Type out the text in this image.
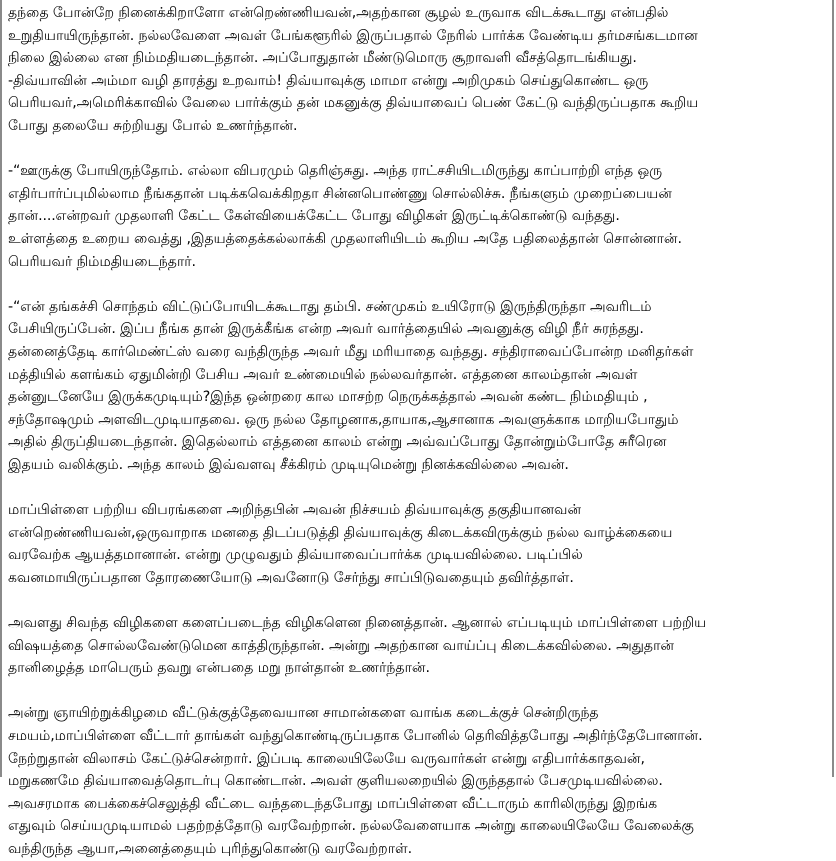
தந்தை போன்றே நினைக்கிறாளோ என்றெண்ணியவன்,அதற்கான சூழல் உருவாக விடக்கூடாது என்பதில்
உறுதியாயிருந்தான். நல்லவேளை அவள் பேங்களூரில் இருப்பதால் நேரில் பார்க்க வேண்டிய தர்மசங்கடமான
நிலை இல்லை என நிம்மதியடைந்தான். அப்போதுதான் மீண்டுமொரு சூறாவளி வீசத்தொடங்கியது.
-திவ்யாவின் அம்மா வழி தாரத்து உறவாம்! திவ்யாவுக்கு மாமா என்று அறிமுகம் செய்துகொண்ட ஒரு
பெரியவர்,அமெரிக்காவில் வேலை பார்க்கும் தன் மகனுக்கு திவ்யாவைப் பெண் கேட்டு வந்திருப்பதாக கூறிய
போது தலையே சுற்றியது போல் உணர்ந்தான்.

-“ஊருக்கு போயிருந்தோம். எல்லா விபரமும் தெரிஞ்சுது. அந்த ராட்சசியிடமிருந்து காப்பாற்றி எந்த ஒரு
எதிர்பார்ப்புமில்லாம நீங்கதான் படிக்கவெக்கிறதா சின்னபொண்ணு சொல்லிச்சு. நீங்களும் முறைப்பையன்
தான்....என்றவர் முதலாளி கேட்ட கேள்வியைக்கேட்ட போது விழிகள் இருட்டிக்கொண்டு வந்தது.
உள்ளத்தை உறைய வைத்து ,இதயத்தைக்கல்லாக்கி முதலாளியிடம் கூறிய அதே பதிலைத்தான் சொன்னான்.
பெரியவர் நிம்மதியடைந்தார்.

-“என் தங்கச்சி சொந்தம் விட்டுப்போயிடக்கூடாது தம்பி. சண்முகம் உயிரோடு இருந்திருந்தா அவரிடம்
பேசியிருப்பேன். இப்ப நீங்க தான் இருக்கீங்க என்ற அவர் வார்த்தையில் அவனுக்கு விழி நீர் சுரந்தது.
தன்னைத்தேடி கார்மெண்ட்ஸ் வரை வந்திருந்த அவர் மீது மரியாதை வந்தது. சந்திராவைப்போன்ற மனிதர்கள்
மத்தியில் களங்கம் ஏதுமின்றி பேசிய அவர் உண்மையில் நல்லவர்தான். எத்தனை காலம்தான் அவள்
தன்னுடனேயே இருக்கமுடியும்?இந்த ஒன்றரை கால மாசற்ற நெருக்கத்தால் அவன் கண்ட நிம்மதியும் ,
சந்தோஷமும் அளவிடமுடியாதவை. ஒரு நல்ல தோழனாக,தாயாக,ஆசானாக அவளுக்காக மாறியபோதும்
அதில் திருப்தியடைந்தான். இதெல்லாம் எத்தனை காலம் என்று அவ்வப்போது தோன்றும்போதே சுரீரென
இதயம் வலிக்கும். அந்த காலம் இவ்வளவு சீக்கிரம் முடியுமென்று நினக்கவில்லை அவன்.

மாப்பிள்ளை பற்றிய விபரங்களை அறிந்தபின் அவன் நிச்சயம் திவ்யாவுக்கு தகுதியானவன்
என்றெண்ணியவன்,ஒருவாறாக மனதை திடப்படுத்தி திவ்யாவுக்கு கிடைக்கவிருக்கும் நல்ல வாழ்க்கையை
வரவேற்க ஆயத்தமானான். என்று முழுவதும் திவ்யாவைப்பார்க்க முடியவில்லை. படிப்பில்
கவனமாயிருப்பதான தோரணையோடு அவனோடு சேர்ந்து சாப்பிடுவதையும் தவிர்த்தாள்.

அவளது சிவந்த விழிகளை களைப்படைந்த விழிகளென நினைத்தான். ஆனால் எப்படியும் மாப்பிள்ளை பற்றிய
விஷயத்தை சொல்லவேண்டுமென காத்திருந்தான். அன்று அதற்கான வாய்ப்பு கிடைக்கவில்லை. அதுதான்
தானிழைத்த மாபெரும் தவறு என்பதை மறு நாள்தான் உணர்ந்தான்.

அன்று ஞாயிற்றுக்கிழமை வீட்டுக்குத்தேவையான சாமான்களை வாங்க கடைக்குச் சென்றிருந்த
சமயம்,மாப்பிள்ளை வீட்டார் தாங்கள் வந்துகொண்டிருப்பதாக போனில் தெரிவித்தபோது அதிர்ந்தேபோனான்.
நேற்றுதான் விலாசம் கேட்டுச்சென்றார். இப்படி காலையிலேயே வருவார்கள் என்று எதிபார்க்காதவன்,
மறுகணமே திவ்யாவைத்தொடர்பு கொண்டான். அவள் குளியலறையில் இருந்ததால் பேசமுடியவில்லை.
அவசரமாக பைக்கைச்செலுத்தி வீட்டை வந்தடைந்தபோது மாப்பிள்ளை வீட்டாரும் காரிலிருந்து இறங்க
எதுவும் செய்யமுடியாமல் பதற்றத்தோடு வரவேற்றான். நல்லவேளையாக அன்று காலையிலேயே வேலைக்கு
வந்திருந்த ஆயா,அனைத்தையும் புரிந்துகொண்டு வரவேற்றாள்.
